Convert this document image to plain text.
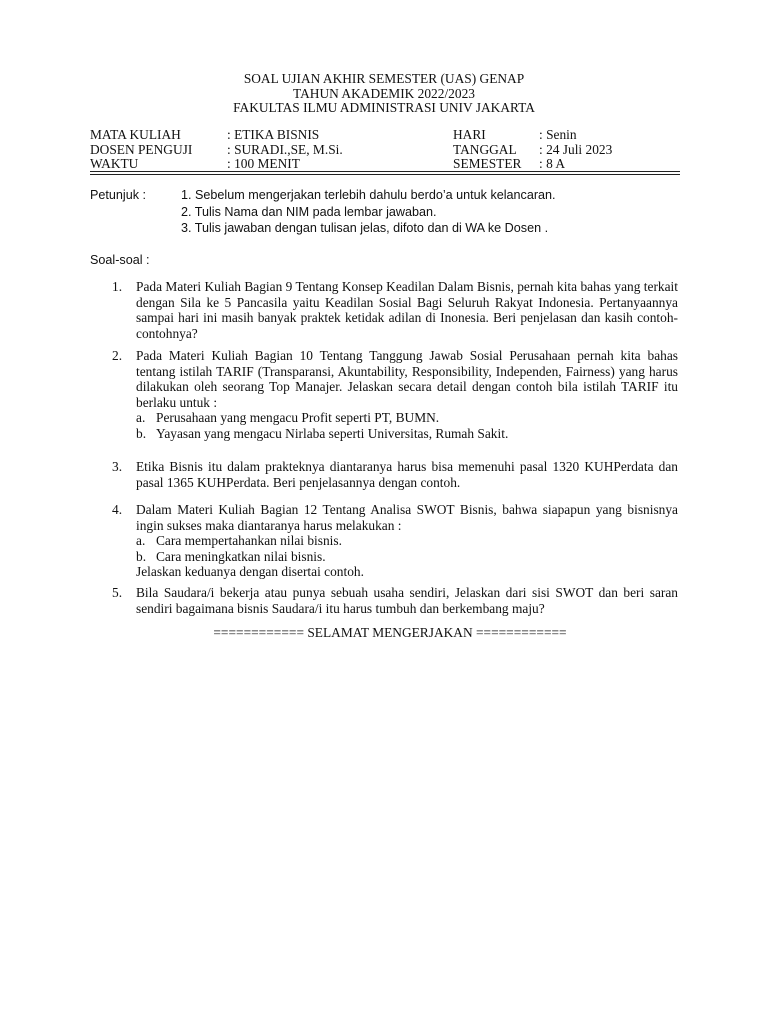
SOAL UJIAN AKHIR SEMESTER (UAS) GENAP
TAHUN AKADEMIK 2022/2023
FAKULTAS ILMU ADMINISTRASI UNIV JAKARTA
MATA KULIAH	: ETIKA BISNIS	HARI	: Senin
DOSEN PENGUJI	: SURADI.,SE, M.Si.	TANGGAL : 24 Juli 2023
WAKTU	: 100 MENIT	SEMESTER : 8 A
Petunjuk :	1. Sebelum mengerjakan terlebih dahulu berdo’a untuk kelancaran.
2. Tulis Nama dan NIM pada lembar jawaban.
3. Tulis jawaban dengan tulisan jelas, difoto dan di WA ke Dosen .
Soal-soal :
1. Pada Materi Kuliah Bagian 9 Tentang Konsep Keadilan Dalam Bisnis, pernah kita bahas yang terkait dengan Sila ke 5 Pancasila yaitu Keadilan Sosial Bagi Seluruh Rakyat Indonesia. Pertanyaannya sampai hari ini masih banyak praktek ketidak adilan di Inonesia. Beri penjelasan dan kasih contoh-contohnya?
2. Pada Materi Kuliah Bagian 10 Tentang Tanggung Jawab Sosial Perusahaan pernah kita bahas tentang istilah TARIF (Transparansi, Akuntability, Responsibility, Independen, Fairness) yang harus dilakukan oleh seorang Top Manajer. Jelaskan secara detail dengan contoh bila istilah TARIF itu berlaku untuk :
a. Perusahaan yang mengacu Profit seperti PT, BUMN.
b. Yayasan yang mengacu Nirlaba seperti Universitas, Rumah Sakit.
3. Etika Bisnis itu dalam prakteknya diantaranya harus bisa memenuhi pasal 1320 KUHPerdata dan pasal 1365 KUHPerdata. Beri penjelasannya dengan contoh.
4. Dalam Materi Kuliah Bagian 12 Tentang Analisa SWOT Bisnis, bahwa siapapun yang bisnisnya ingin sukses maka diantaranya harus melakukan :
a. Cara mempertahankan nilai bisnis.
b. Cara meningkatkan nilai bisnis.
Jelaskan keduanya dengan disertai contoh.
5. Bila Saudara/i bekerja atau punya sebuah usaha sendiri, Jelaskan dari sisi SWOT dan beri saran sendiri bagaimana bisnis Saudara/i itu harus tumbuh dan berkembang maju?
============ SELAMAT MENGERJAKAN ============
